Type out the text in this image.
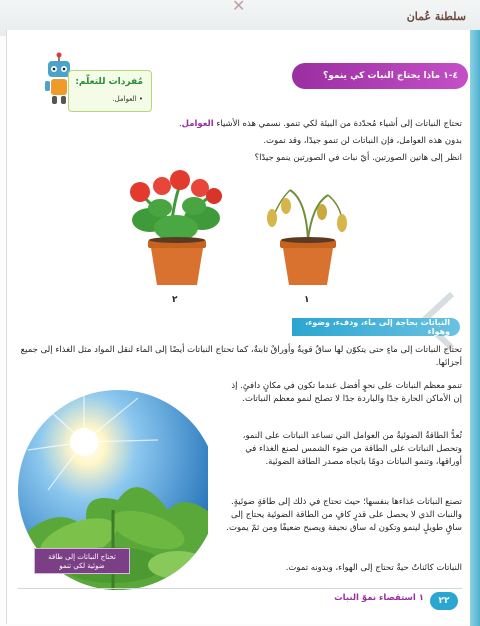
✕
سلطنة عُمان
٤-١ ماذا يحتاج النبات كي ينمو؟
مُفردات للتعلّم:
• العوامل.
تحتاج النباتات إلى أشياء مُحدّدة من البيئة لكي تنمو. نسمي هذه الأشياء العوامل.
بدون هذه العوامل، فإن النباتات لن تنمو جيدًا، وقد تموت.
انظر إلى هاتين الصورتين. أيّ نبات في الصورتين ينمو جيدًا؟
٢	١
النباتات بحاجة إلى ماء، ودفء، وضوء، وهواء
تحتاج النباتات إلى ماءٍ حتى يتكوّن لها ساقٌ قويةٌ وأوراقٌ ثابتةٌ، كما تحتاج النباتات أيضًا إلى الماء لنقل المواد مثل الغذاء إلى جميع أجزائها.
تنمو معظم النباتات على نحوٍ أفضل عندما تكون في مكانٍ دافئٍ. إذ إن الأماكن الحارة جدًا والباردة جدًا لا تصلح لنمو معظم النباتات.
تُعدُّ الطاقةُ الضوئيةُ من العوامل التي تساعد النباتات على النمو، وتحصل النباتات على الطاقة من ضوء الشمس لصنع الغذاء في أوراقها، وتنمو النباتات دومًا باتجاه مصدر الطاقة الضوئية.
تصنع النباتات غذاءها بنفسها؛ حيث تحتاج في ذلك إلى طاقةٍ ضوئيةٍ. والنبات الذي لا يحصل على قدرٍ كافٍ من الطاقة الضوئية يحتاج إلى ساقٍ طويلٍ لينمو وتكون له ساق نحيفة ويصبح ضعيفًا ومن ثمّ يموت.
النباتات كائناتٌ حيةٌ تحتاج إلى الهواء، وبدونه تموت.
تحتاج النباتات إلى طاقة ضوئية لكي تنمو
٢٢
١ استقصاء نموّ النبات
